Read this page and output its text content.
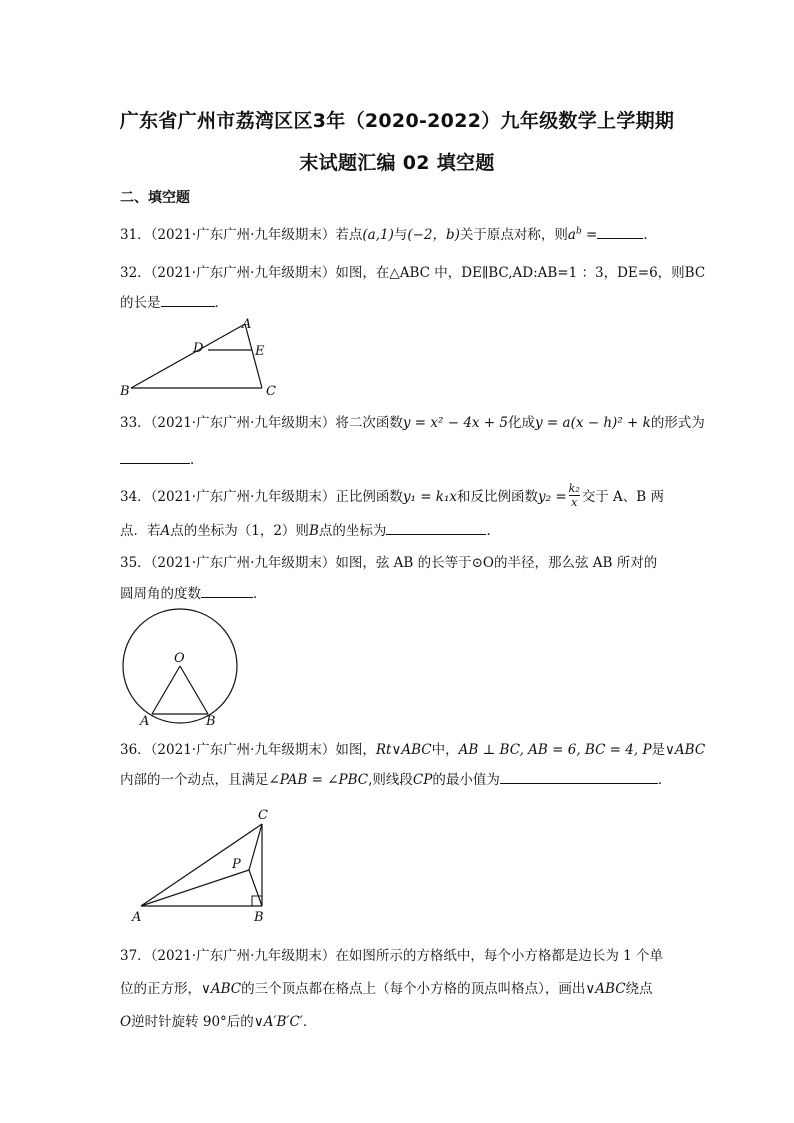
广东省广州市荔湾区区3年（2020-2022）九年级数学上学期期
末试题汇编 02 填空题
二、填空题
31．（2021·广东广州·九年级期末）若点(a,1)与(−2，b)关于原点对称，则$a^b$ =	．
32．（2021·广东广州·九年级期末）如图，在△ABC 中，DE∥BC,AD:AB=1 ：3，DE=6，则BC
的长是	．
A
D	E
B	C
33．（2021·广东广州·九年级期末）将二次函数y = x² − 4x + 5化成y = a(x − h)² + k的形式为
．
34．（2021·广东广州·九年级期末）正比例函数y₁ = k₁x和反比例函数$y_2 = \frac{\text{k₂}}{x}$ 交于 A、B 两
点．若A点的坐标为（1，2）则B点的坐标为	.
35．（2021·广东广州·九年级期末）如图，弦 AB 的长等于⊙O的半径，那么弦 AB 所对的
圆周角的度数	．
O
A	B
36．（2021·广东广州·九年级期末）如图，Rt∨ABC中，AB ⊥ BC, AB = 6, BC = 4, P是∨ABC
内部的一个动点，且满足∠PAB = ∠PBC,则线段CP的最小值为	．
C
P
A	B
37．（2021·广东广州·九年级期末）在如图所示的方格纸中，每个小方格都是边长为 1 个单
位的正方形，∨ABC的三个顶点都在格点上（每个小方格的顶点叫格点），画出∨ABC绕点
O逆时针旋转 90°后的∨A′B′C′．
